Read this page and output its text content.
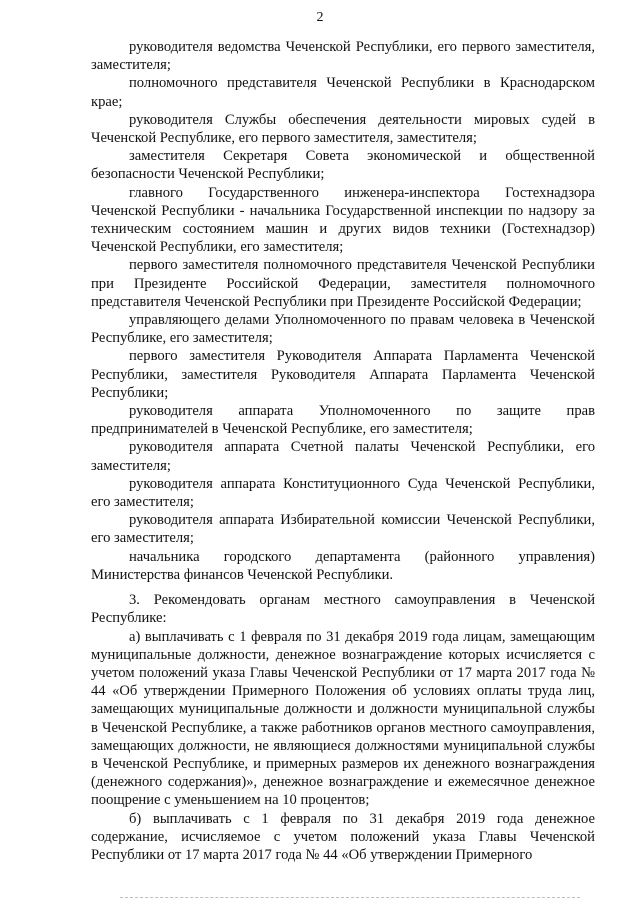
2

руководителя ведомства Чеченской Республики, его первого заместителя, заместителя;

полномочного представителя Чеченской Республики в Краснодарском крае;

руководителя Службы обеспечения деятельности мировых судей в Чеченской Республике, его первого заместителя, заместителя;

заместителя Секретаря Совета экономической и общественной безопасности Чеченской Республики;

главного Государственного инженера-инспектора Гостехнадзора Чеченской Республики - начальника Государственной инспекции по надзору за техническим состоянием машин и других видов техники (Гостехнадзор) Чеченской Республики, его заместителя;

первого заместителя полномочного представителя Чеченской Республики при Президенте Российской Федерации, заместителя полномочного представителя Чеченской Республики при Президенте Российской Федерации;

управляющего делами Уполномоченного по правам человека в Чеченской Республике, его заместителя;

первого заместителя Руководителя Аппарата Парламента Чеченской Республики, заместителя Руководителя Аппарата Парламента Чеченской Республики;

руководителя аппарата Уполномоченного по защите прав предпринимателей в Чеченской Республике, его заместителя;

руководителя аппарата Счетной палаты Чеченской Республики, его заместителя;

руководителя аппарата Конституционного Суда Чеченской Республики, его заместителя;

руководителя аппарата Избирательной комиссии Чеченской Республики, его заместителя;

начальника городского департамента (районного управления) Министерства финансов Чеченской Республики.

3. Рекомендовать органам местного самоуправления в Чеченской Республике:

а) выплачивать с 1 февраля по 31 декабря 2019 года лицам, замещающим муниципальные должности, денежное вознаграждение которых исчисляется с учетом положений указа Главы Чеченской Республики от 17 марта 2017 года № 44 «Об утверждении Примерного Положения об условиях оплаты труда лиц, замещающих муниципальные должности и должности муниципальной службы в Чеченской Республике, а также работников органов местного самоуправления, замещающих должности, не являющиеся должностями муниципальной службы в Чеченской Республике, и примерных размеров их денежного вознаграждения (денежного содержания)», денежное вознаграждение и ежемесячное денежное поощрение с уменьшением на 10 процентов;

б) выплачивать с 1 февраля по 31 декабря 2019 года денежное содержание, исчисляемое с учетом положений указа Главы Чеченской Республики от 17 марта 2017 года № 44 «Об утверждении Примерного
